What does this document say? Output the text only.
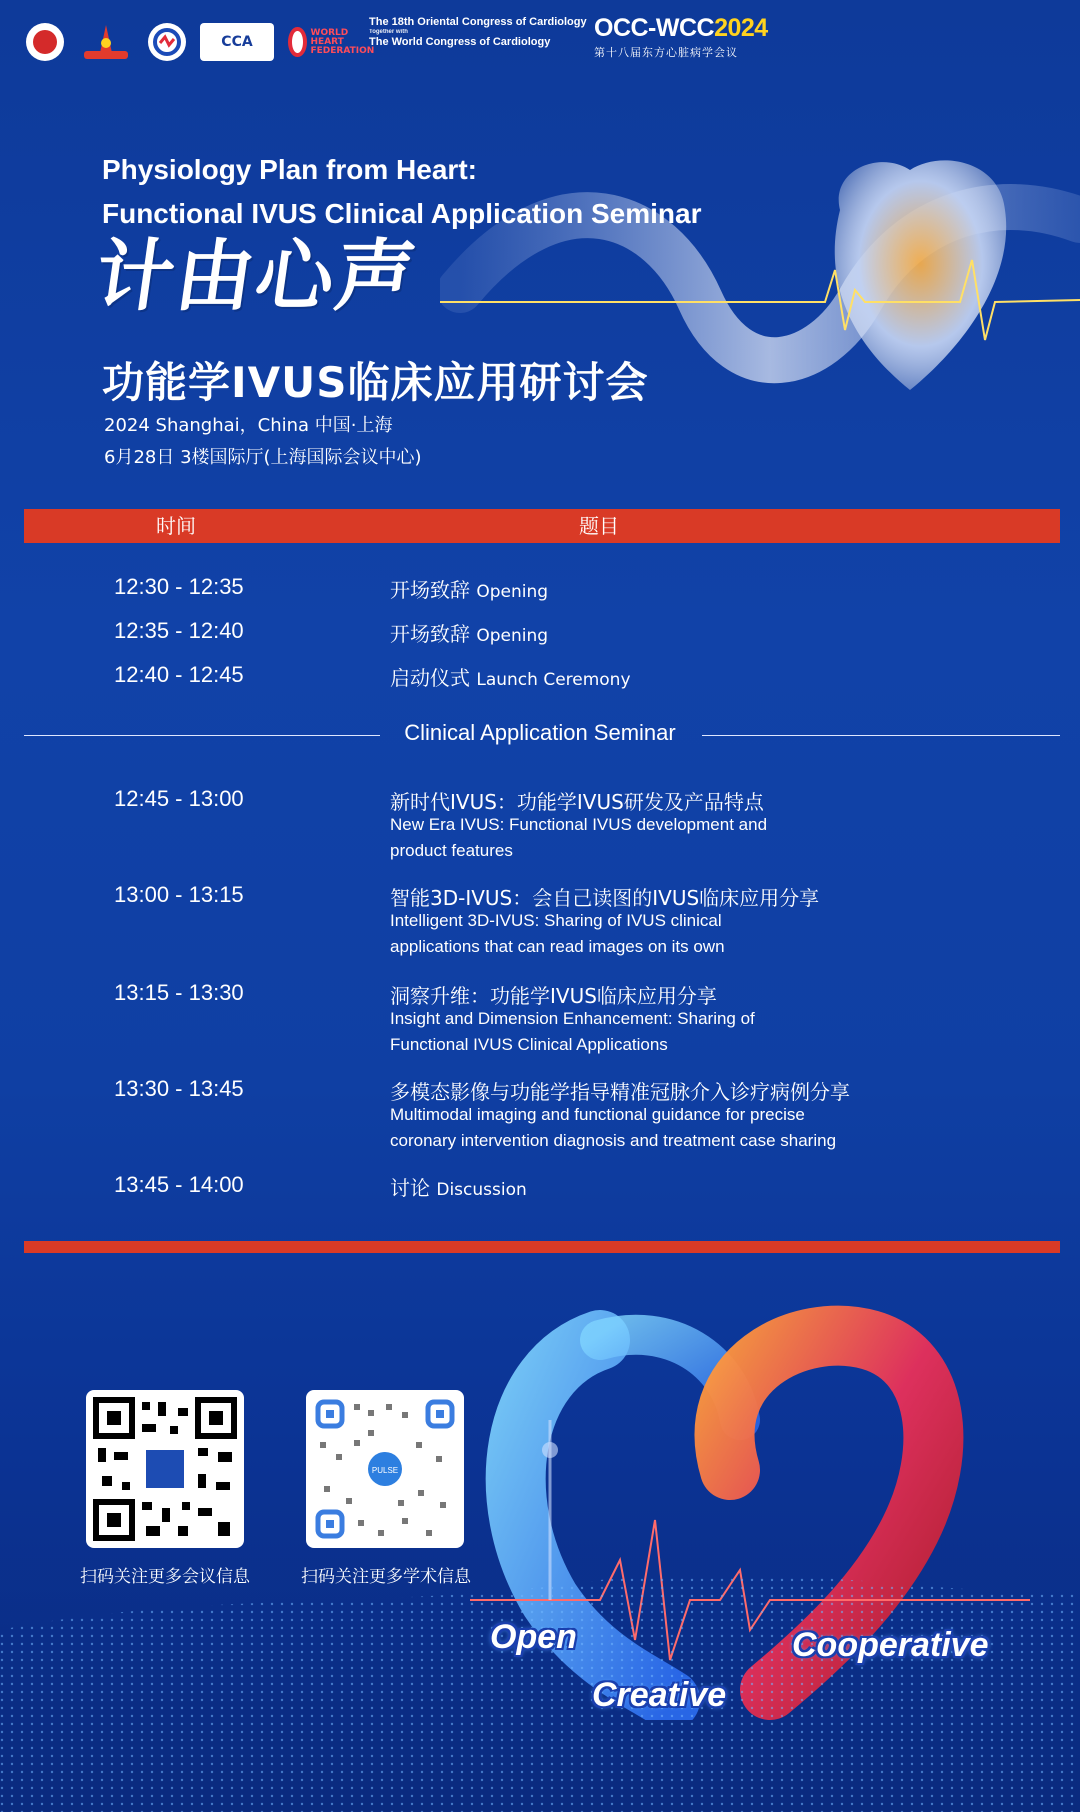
CCA
WORLD HEART FEDERATION
The 18th Oriental Congress of Cardiology
Together with
The World Congress of Cardiology	OCC-WCC2024
第十八届东方心脏病学会议
Physiology Plan from Heart:
Functional IVUS Clinical Application Seminar
计由心声
功能学IVUS临床应用研讨会
2024 Shanghai，China 中国·上海
6月28日 3楼国际厅(上海国际会议中心)
时间	题目
12:30 - 12:35	开场致辞 Opening
12:35 - 12:40	开场致辞 Opening
12:40 - 12:45	启动仪式 Launch Ceremony
Clinical Application Seminar
12:45 - 13:00	新时代IVUS：功能学IVUS研发及产品特点
New Era IVUS: Functional IVUS development and
product features
13:00 - 13:15	智能3D-IVUS：会自己读图的IVUS临床应用分享
Intelligent 3D-IVUS: Sharing of IVUS clinical
applications that can read images on its own
13:15 - 13:30	洞察升维：功能学IVUS临床应用分享
Insight and Dimension Enhancement: Sharing of
Functional IVUS Clinical Applications
13:30 - 13:45	多模态影像与功能学指导精准冠脉介入诊疗病例分享
Multimodal imaging and functional guidance for precise
coronary intervention diagnosis and treatment case sharing
13:45 - 14:00	讨论 Discussion
扫码关注更多会议信息
PULSE
扫码关注更多学术信息
Open
Creative
Cooperative
